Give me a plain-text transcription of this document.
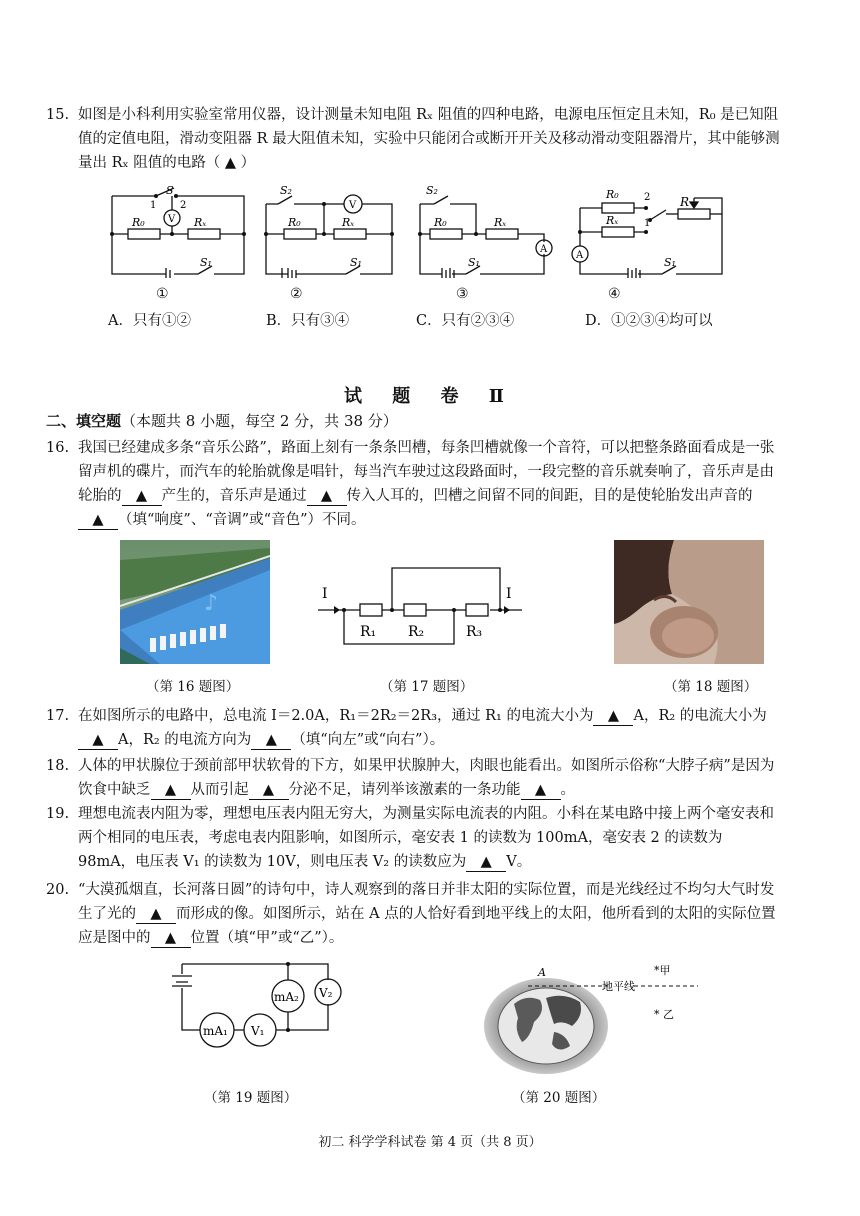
15. 如图是小科利用实验室常用仪器，设计测量未知电阻 Rₓ 阻值的四种电路，电源电压恒定且未知，R₀ 是已知阻值的定值电阻，滑动变阻器 R 最大阻值未知，实验中只能闭合或断开开关及移动滑动变阻器滑片，其中能够测量出 Rₓ 阻值的电路（ ▲ ）
S
1 2
V
R₀	Rₓ
S₁
S₂
V
R₀	Rₓ
S₁
S₂
R₀	Rₓ
A
S₁
R₀
Rₓ
2
1
R
A
S₁
①	②	③	④
A．只有①②	B．只有③④	C．只有②③④	D．①②③④均可以
试 题 卷 Ⅱ
二、填空题（本题共 8 小题，每空 2 分，共 38 分）
16. 我国已经建成多条“音乐公路”，路面上刻有一条条凹槽，每条凹槽就像一个音符，可以把整条路面看成是一张留声机的碟片，而汽车的轮胎就像是唱针，每当汽车驶过这段路面时，一段完整的音乐就奏响了，音乐声是由轮胎的 ▲ 产生的，音乐声是通过 ▲ 传入人耳的，凹槽之间留不同的间距，目的是使轮胎发出声音的▲ （填“响度”、“音调”或“音色”）不同。
♪	I	I
R₁ R₂	R₃
（第 16 题图）	（第 17 题图）	（第 18 题图）
17. 在如图所示的电路中，总电流 I＝2.0A，R₁＝2R₂＝2R₃，通过 R₁ 的电流大小为 ▲ A，R₂ 的电流大小为▲ A，R₂ 的电流方向为 ▲ （填“向左”或“向右”）。
18. 人体的甲状腺位于颈前部甲状软骨的下方，如果甲状腺肿大，肉眼也能看出。如图所示俗称“大脖子病”是因为饮食中缺乏 ▲ 从而引起 ▲ 分泌不足，请列举该激素的一条功能 ▲ 。
19. 理想电流表内阻为零，理想电压表内阻无穷大，为测量实际电流表的内阻。小科在某电路中接上两个毫安表和两个相同的电压表，考虑电表内阻影响，如图所示，毫安表 1 的读数为 100mA，毫安表 2 的读数为 98mA，电压表 V₁ 的读数为 10V，则电压表 V₂ 的读数应为 ▲ V。
20. “大漠孤烟直，长河落日圆”的诗句中，诗人观察到的落日并非太阳的实际位置，而是光线经过不均匀大气时发生了光的 ▲ 而形成的像。如图所示，站在 A 点的人恰好看到地平线上的太阳，他所看到的太阳的实际位置应是图中的 ▲ 位置（填“甲”或“乙”）。
mA₂ V₂
mA₁ V₁
A
地平线
*甲
* 乙
（第 19 题图）	（第 20 题图）
初二 科学学科试卷 第 4 页（共 8 页）
